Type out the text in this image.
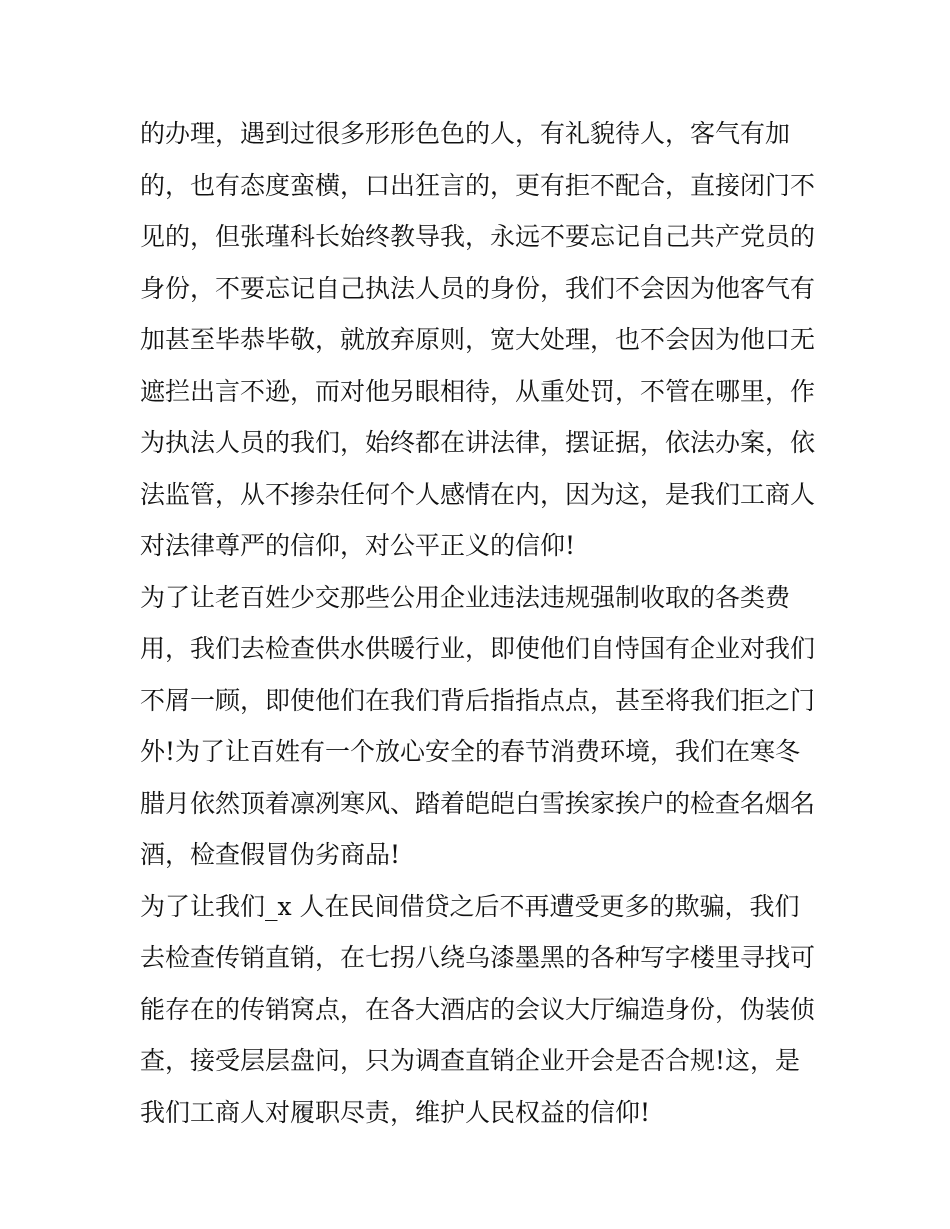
的办理，遇到过很多形形色色的人，有礼貌待人，客气有加
的，也有态度蛮横，口出狂言的，更有拒不配合，直接闭门不
见的，但张瑾科长始终教导我，永远不要忘记自己共产党员的
身份，不要忘记自己执法人员的身份，我们不会因为他客气有
加甚至毕恭毕敬，就放弃原则，宽大处理，也不会因为他口无
遮拦出言不逊，而对他另眼相待，从重处罚，不管在哪里，作
为执法人员的我们，始终都在讲法律，摆证据，依法办案，依
法监管，从不掺杂任何个人感情在内，因为这，是我们工商人
对法律尊严的信仰，对公平正义的信仰!
为了让老百姓少交那些公用企业违法违规强制收取的各类费
用，我们去检查供水供暖行业，即使他们自恃国有企业对我们
不屑一顾，即使他们在我们背后指指点点，甚至将我们拒之门
外!为了让百姓有一个放心安全的春节消费环境，我们在寒冬
腊月依然顶着凛冽寒风、踏着皑皑白雪挨家挨户的检查名烟名
酒，检查假冒伪劣商品!
为了让我们_x 人在民间借贷之后不再遭受更多的欺骗，我们
去检查传销直销，在七拐八绕乌漆墨黑的各种写字楼里寻找可
能存在的传销窝点，在各大酒店的会议大厅编造身份，伪装侦
查，接受层层盘问，只为调查直销企业开会是否合规!这，是
我们工商人对履职尽责，维护人民权益的信仰!
